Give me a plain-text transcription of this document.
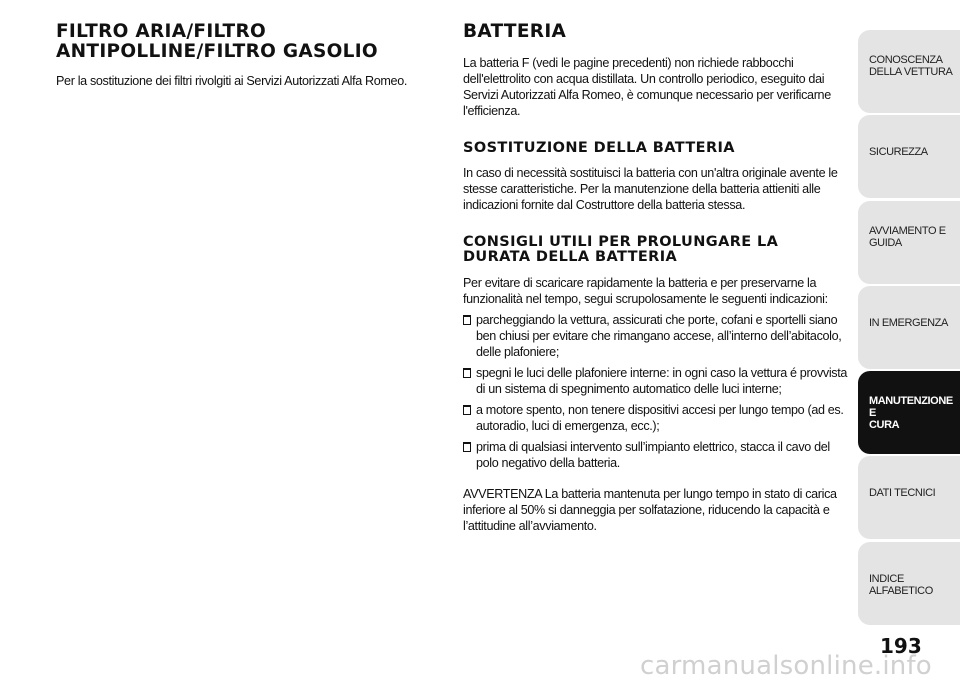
FILTRO ARIA/FILTRO
ANTIPOLLINE/FILTRO GASOLIO

Per la sostituzione dei filtri rivolgiti ai Servizi Autorizzati Alfa Romeo.

BATTERIA

La batteria F (vedi le pagine precedenti) non richiede rabbocchi dell'elettrolito con acqua distillata. Un controllo periodico, eseguito dai Servizi Autorizzati Alfa Romeo, è comunque necessario per verificarne l'efficienza.

SOSTITUZIONE DELLA BATTERIA

In caso di necessità sostituisci la batteria con un'altra originale avente le stesse caratteristiche. Per la manutenzione della batteria attieniti alle indicazioni fornite dal Costruttore della batteria stessa.

CONSIGLI UTILI PER PROLUNGARE LA
DURATA DELLA BATTERIA

Per evitare di scaricare rapidamente la batteria e per preservarne la funzionalità nel tempo, segui scrupolosamente le seguenti indicazioni:

parcheggiando la vettura, assicurati che porte, cofani e sportelli siano ben chiusi per evitare che rimangano accese, all’interno dell’abitacolo, delle plafoniere;
spegni le luci delle plafoniere interne: in ogni caso la vettura é provvista di un sistema di spegnimento automatico delle luci interne;
a motore spento, non tenere dispositivi accesi per lungo tempo (ad es. autoradio, luci di emergenza, ecc.);
prima di qualsiasi intervento sull’impianto elettrico, stacca il cavo del polo negativo della batteria.

AVVERTENZA La batteria mantenuta per lungo tempo in stato di carica inferiore al 50% si danneggia per solfatazione, riducendo la capacità e l’attitudine all’avviamento.

CONOSCENZA
DELLA VETTURA
SICUREZZA
AVVIAMENTO E
GUIDA
IN EMERGENZA
MANUTENZIONE E
CURA
DATI TECNICI
INDICE ALFABETICO
193
carmanualsonline.info
